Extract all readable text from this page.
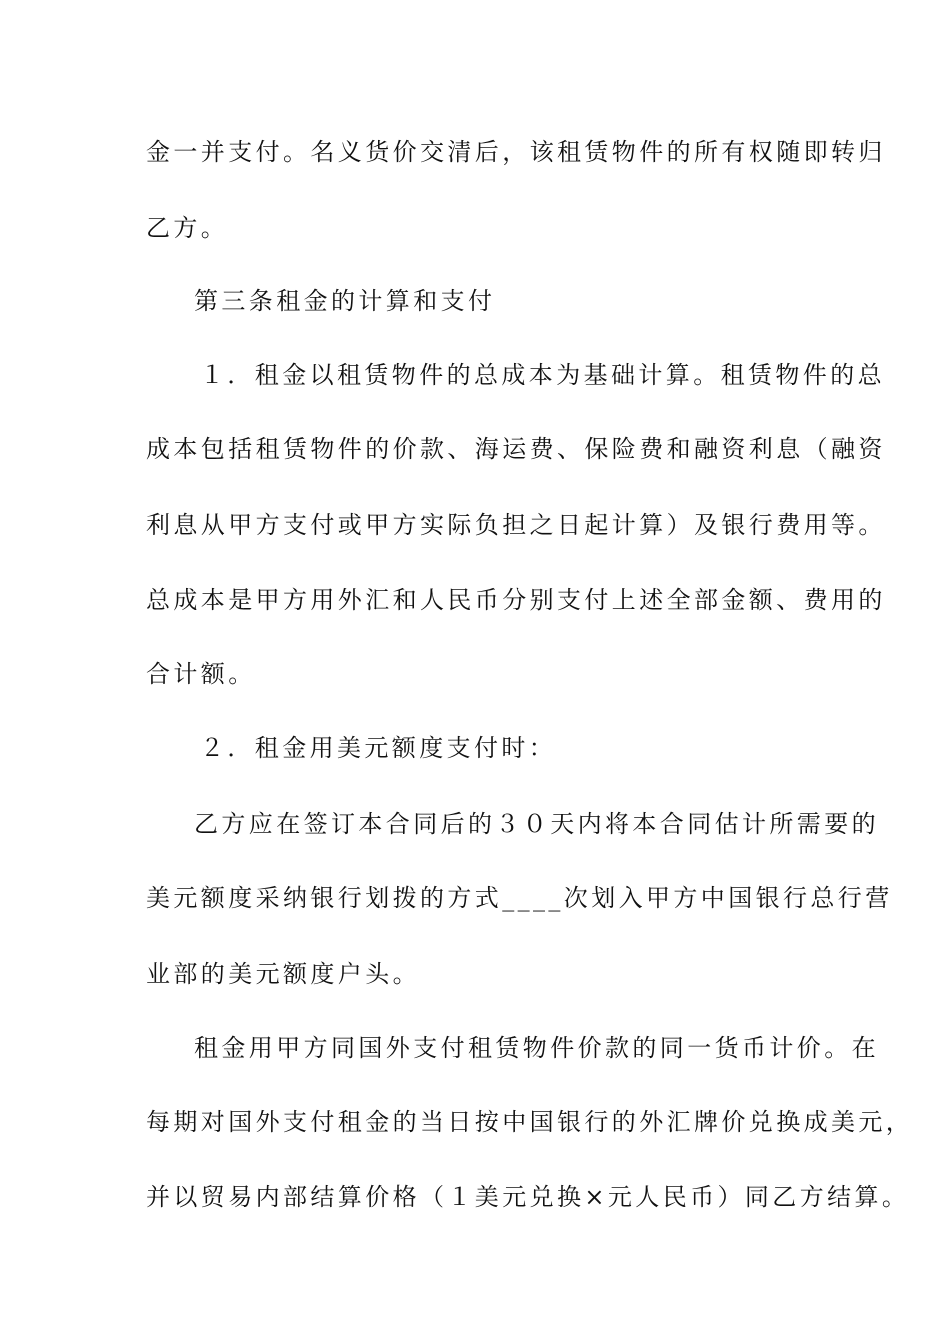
金一并支付。名义货价交清后，该租赁物件的所有权随即转归
乙方。
第三条租金的计算和支付
１．租金以租赁物件的总成本为基础计算。租赁物件的总
成本包括租赁物件的价款、海运费、保险费和融资利息（融资
利息从甲方支付或甲方实际负担之日起计算）及银行费用等。
总成本是甲方用外汇和人民币分别支付上述全部金额、费用的
合计额。
２．租金用美元额度支付时：
乙方应在签订本合同后的３０天内将本合同估计所需要的
美元额度采纳银行划拨的方式____次划入甲方中国银行总行营
业部的美元额度户头。
租金用甲方同国外支付租赁物件价款的同一货币计价。在
每期对国外支付租金的当日按中国银行的外汇牌价兑换成美元，
并以贸易内部结算价格（１美元兑换×元人民币）同乙方结算。
